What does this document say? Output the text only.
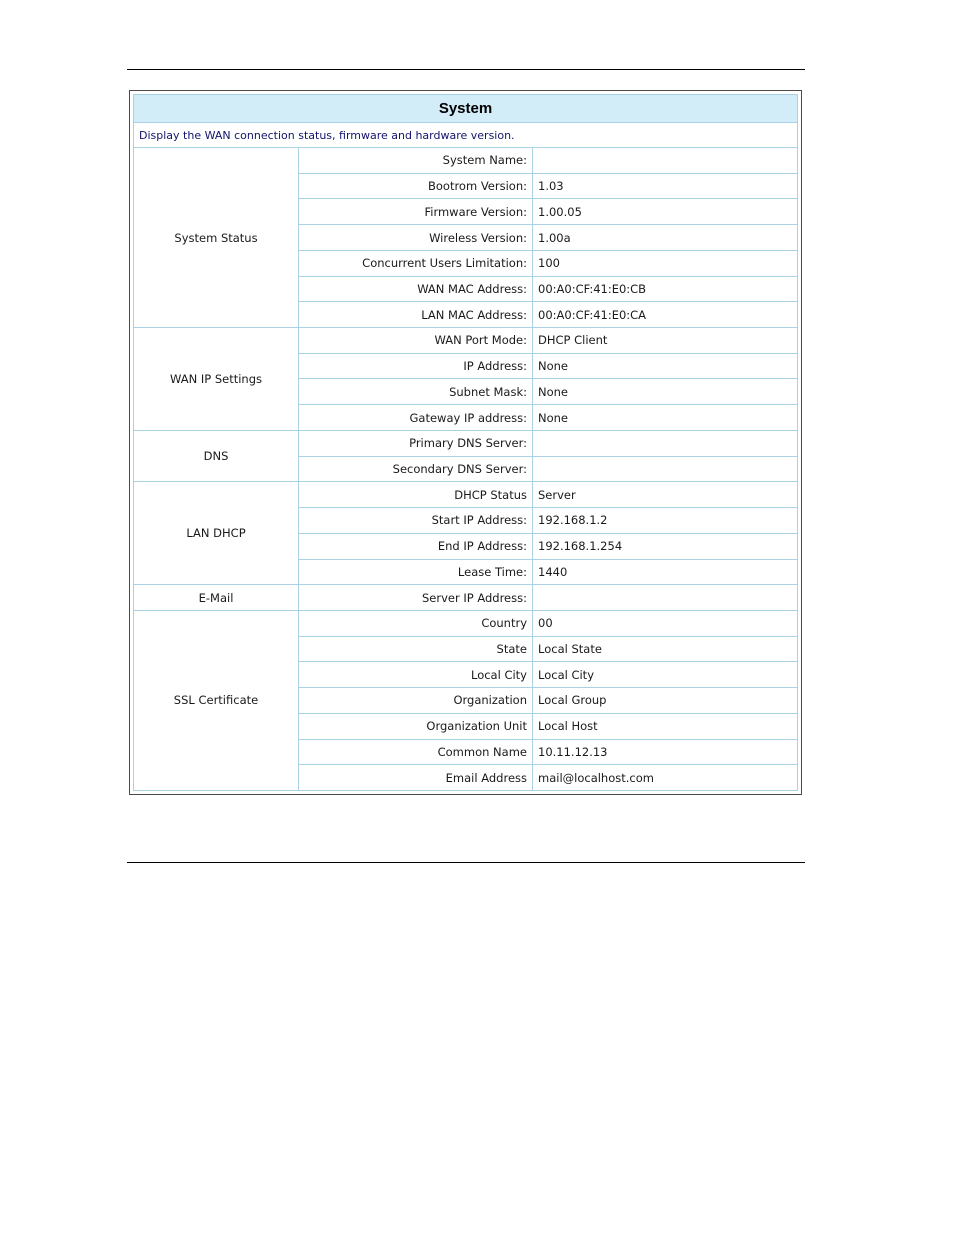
System		
Display the WAN connection status, firmware and hardware version.		
System Status	System Name:	
	Bootrom Version:	1.03
	Firmware Version:	1.00.05
	Wireless Version:	1.00a
	Concurrent Users Limitation:	100
	WAN MAC Address:	00:A0:CF:41:E0:CB
	LAN MAC Address:	00:A0:CF:41:E0:CA
WAN IP Settings	WAN Port Mode:	DHCP Client
	IP Address:	None
	Subnet Mask:	None
	Gateway IP address:	None
DNS	Primary DNS Server:	
	Secondary DNS Server:	
LAN DHCP	DHCP Status	Server
	Start IP Address:	192.168.1.2
	End IP Address:	192.168.1.254
	Lease Time:	1440
E-Mail	Server IP Address:	
SSL Certificate	Country	00
	State	Local State
	Local City	Local City
	Organization	Local Group
	Organization Unit	Local Host
	Common Name	10.11.12.13
	Email Address	mail@localhost.com
